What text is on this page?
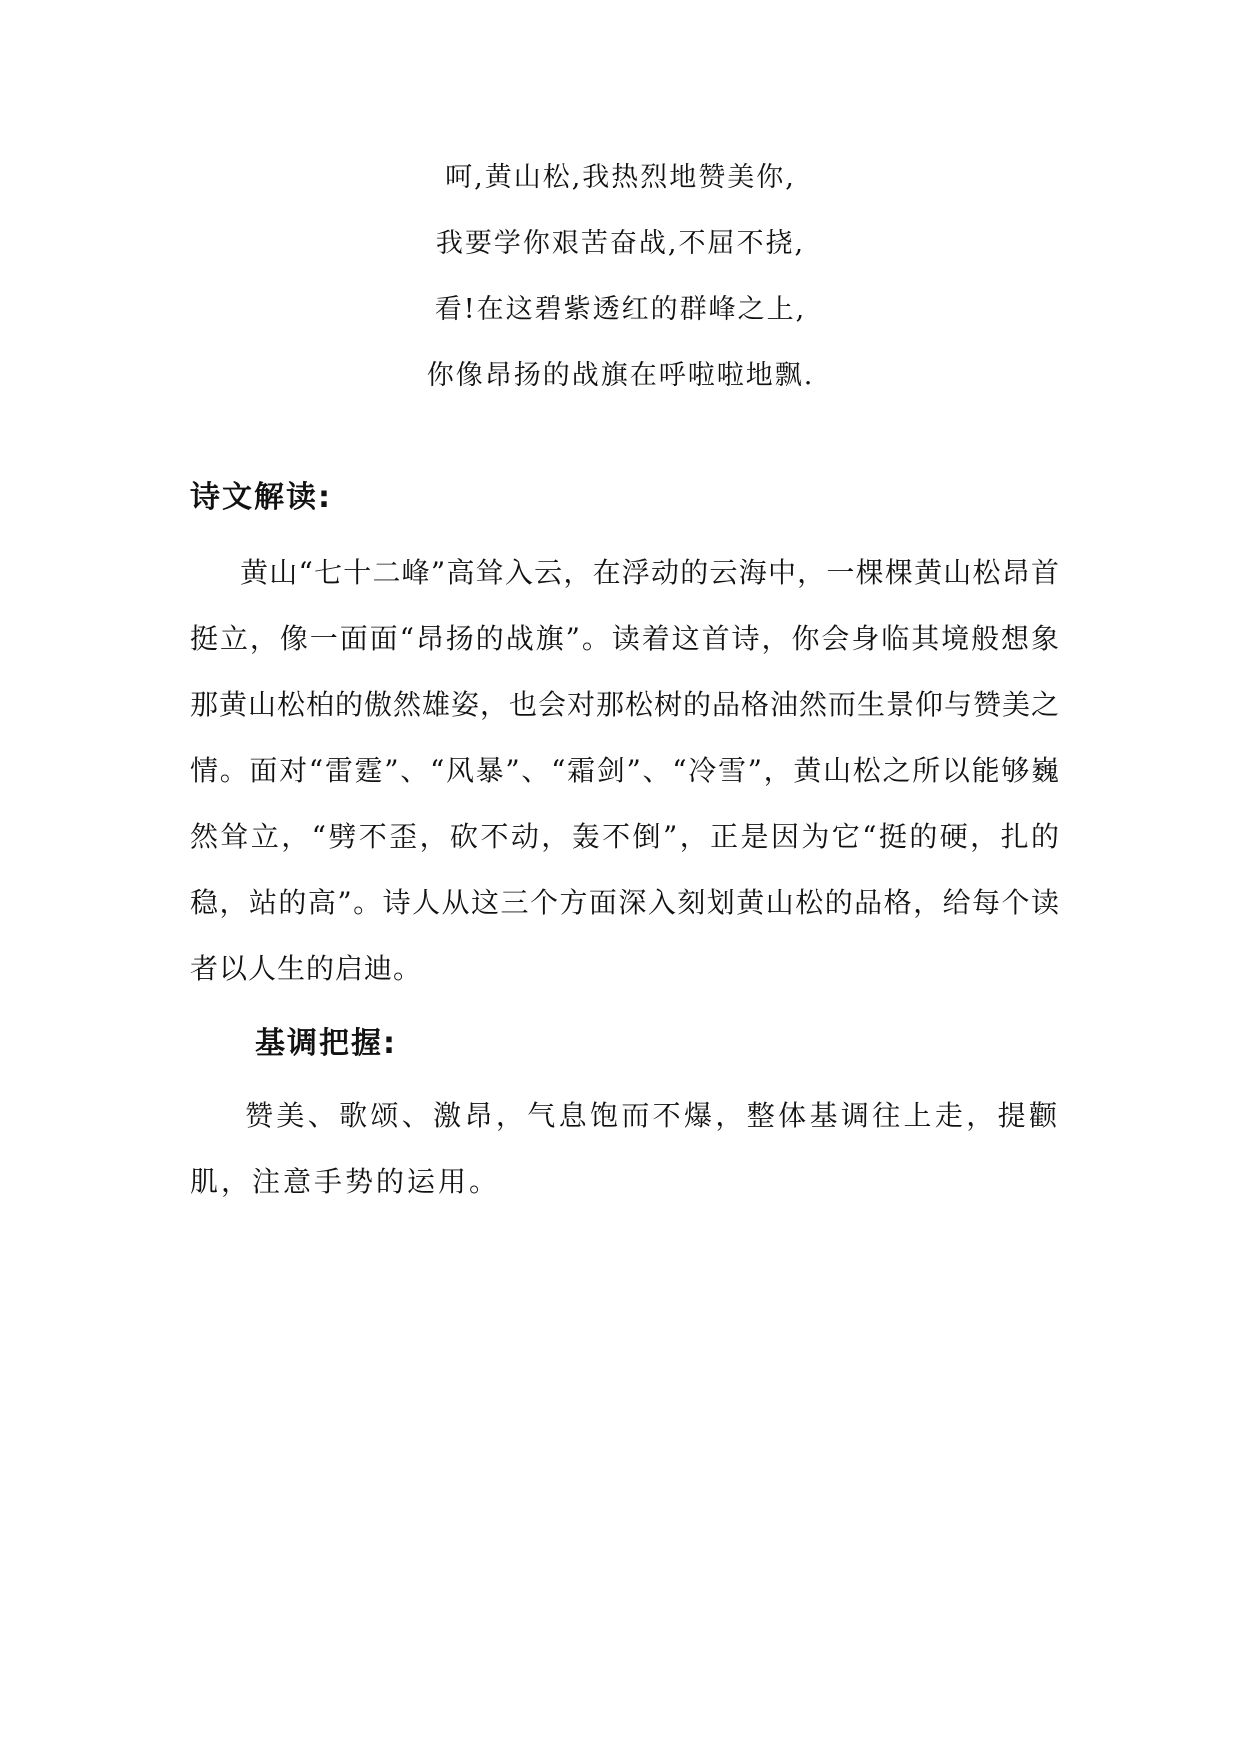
呵,黄山松,我热烈地赞美你,
我要学你艰苦奋战,不屈不挠,
看!在这碧紫透红的群峰之上,
你像昂扬的战旗在呼啦啦地飘.
诗文解读:
黄山“七十二峰”高耸入云，在浮动的云海中，一棵棵黄山松昂首挺立，像一面面“昂扬的战旗”。读着这首诗，你会身临其境般想象那黄山松柏的傲然雄姿，也会对那松树的品格油然而生景仰与赞美之情。面对“雷霆”、“风暴”、“霜剑”、“冷雪”，黄山松之所以能够巍然耸立，“劈不歪，砍不动，轰不倒”，正是因为它“挺的硬，扎的稳，站的高”。诗人从这三个方面深入刻划黄山松的品格，给每个读者以人生的启迪。
基调把握:
赞美、歌颂、激昂，气息饱而不爆，整体基调往上走，提颧肌，注意手势的运用。
